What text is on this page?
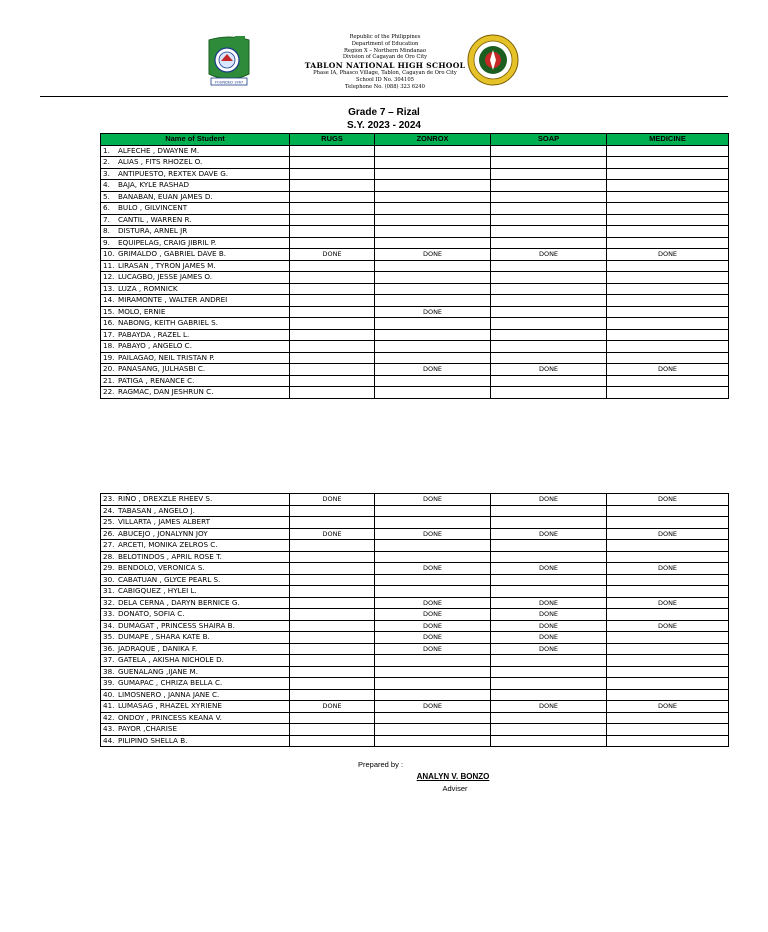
FOUNDED 1967
Republic of the Philippines
Department of Education
Region X – Northern Mindanao
Division of Cagayan de Oro City
TABLON NATIONAL HIGH SCHOOL
Phase IA, Phasco Village, Tablon, Cagayan de Oro City
School ID No. 304105
Telephone No. (088) 323 6240
Grade 7 – Rizal
S.Y. 2023 - 2024
Name of Student	RUGS	ZONROX	SOAP	MEDICINE
1. ALFECHE , DWAYNE M.				
2. ALIAS , FITS RHOZEL O.				
3. ANTIPUESTO, REXTEX DAVE G.				
4. BAJA, KYLE RASHAD				
5. BANABAN, EUAN JAMES D.				
6. BULO , GILVINCENT				
7. CANTIL , WARREN R.				
8. DISTURA, ARNEL JR				
9. EQUIPELAG, CRAIG JIBRIL P.				
10. GRIMALDO , GABRIEL DAVE B.	DONE	DONE	DONE	DONE
11. LIRASAN , TYRON JAMES M.				
12. LUCAGBO, JESSE JAMES O.				
13. LUZA , ROMNICK				
14. MIRAMONTE , WALTER ANDREI				
15. MOLO, ERNIE		DONE		
16. NABONG, KEITH GABRIEL S.				
17. PABAYDA , RAZEL L.				
18. PABAYO , ANGELO C.				
19. PAILAGAO, NEIL TRISTAN P.				
20. PANASANG, JULHASBI C.		DONE	DONE	DONE
21. PATIGA , RENANCE C.				
22. RAGMAC, DAN JESHRUN C.				
23. RIÑO , DREXZLE RHEEV S.	DONE	DONE	DONE	DONE
24. TABASAN , ANGELO J.				
25. VILLARTA , JAMES ALBERT				
26. ABUCEJO , JONALYNN JOY	DONE	DONE	DONE	DONE
27. ARCETI, MONIKA ZELROS C.				
28. BELOTINDOS , APRIL ROSE T.				
29. BENDOLO, VERONICA S.		DONE	DONE	DONE
30. CABATUAN , GLYCE PEARL S.				
31. CABIGQUEZ , HYLEI L.				
32. DELA CERNA , DARYN BERNICE G.		DONE	DONE	DONE
33. DONATO, SOFIA C.		DONE	DONE	
34. DUMAGAT , PRINCESS SHAIRA B.		DONE	DONE	DONE
35. DUMAPE , SHARA KATE B.		DONE	DONE	
36. JADRAQUE , DANIKA F.		DONE	DONE	
37. GATELA , AKISHA NICHOLE D.				
38. GUENALANG ,IJANE M.				
39. GUMAPAC , CHRIZA BELLA C.				
40. LIMOSNERO , JANNA JANE C.				
41. LUMASAG , RHAZEL XYRIENE	DONE	DONE	DONE	DONE
42. ONDOY , PRINCESS KEANA V.				
43. PAYOR ,CHARISE				
44. PILIPINO SHELLA B.				
Prepared by :
ANALYN V. BONZO
Adviser
